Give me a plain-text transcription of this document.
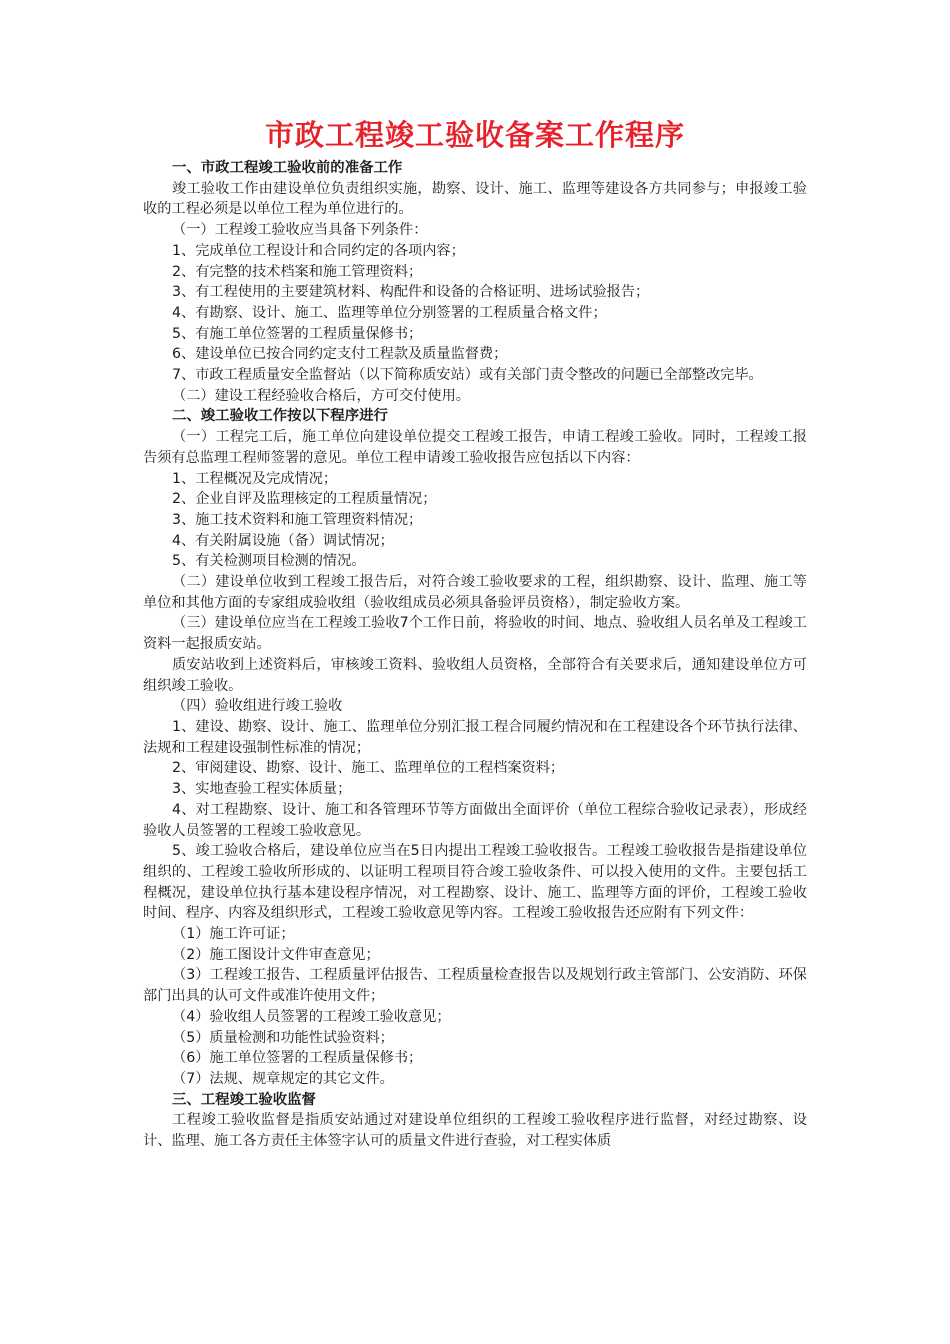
市政工程竣工验收备案工作程序

一、市政工程竣工验收前的准备工作

竣工验收工作由建设单位负责组织实施，勘察、设计、施工、监理等建设各方共同参与；申报竣工验收的工程必须是以单位工程为单位进行的。

（一）工程竣工验收应当具备下列条件：

1、完成单位工程设计和合同约定的各项内容；

2、有完整的技术档案和施工管理资料；

3、有工程使用的主要建筑材料、构配件和设备的合格证明、进场试验报告；

4、有勘察、设计、施工、监理等单位分别签署的工程质量合格文件；

5、有施工单位签署的工程质量保修书；

6、建设单位已按合同约定支付工程款及质量监督费；

7、市政工程质量安全监督站（以下简称质安站）或有关部门责令整改的问题已全部整改完毕。

（二）建设工程经验收合格后，方可交付使用。

二、竣工验收工作按以下程序进行

（一）工程完工后，施工单位向建设单位提交工程竣工报告，申请工程竣工验收。同时，工程竣工报告须有总监理工程师签署的意见。单位工程申请竣工验收报告应包括以下内容：

1、工程概况及完成情况；

2、企业自评及监理核定的工程质量情况；

3、施工技术资料和施工管理资料情况；

4、有关附属设施（备）调试情况；

5、有关检测项目检测的情况。

（二）建设单位收到工程竣工报告后，对符合竣工验收要求的工程，组织勘察、设计、监理、施工等单位和其他方面的专家组成验收组（验收组成员必须具备验评员资格），制定验收方案。

（三）建设单位应当在工程竣工验收7个工作日前，将验收的时间、地点、验收组人员名单及工程竣工资料一起报质安站。

质安站收到上述资料后，审核竣工资料、验收组人员资格，全部符合有关要求后，通知建设单位方可组织竣工验收。

（四）验收组进行竣工验收

1、建设、勘察、设计、施工、监理单位分别汇报工程合同履约情况和在工程建设各个环节执行法律、法规和工程建设强制性标准的情况；

2、审阅建设、勘察、设计、施工、监理单位的工程档案资料；

3、实地查验工程实体质量；

4、对工程勘察、设计、施工和各管理环节等方面做出全面评价（单位工程综合验收记录表），形成经验收人员签署的工程竣工验收意见。

5、竣工验收合格后，建设单位应当在5日内提出工程竣工验收报告。工程竣工验收报告是指建设单位组织的、工程竣工验收所形成的、以证明工程项目符合竣工验收条件、可以投入使用的文件。主要包括工程概况，建设单位执行基本建设程序情况，对工程勘察、设计、施工、监理等方面的评价，工程竣工验收时间、程序、内容及组织形式，工程竣工验收意见等内容。工程竣工验收报告还应附有下列文件：

（1）施工许可证；

（2）施工图设计文件审查意见；

（3）工程竣工报告、工程质量评估报告、工程质量检查报告以及规划行政主管部门、公安消防、环保部门出具的认可文件或准许使用文件；

（4）验收组人员签署的工程竣工验收意见；

（5）质量检测和功能性试验资料；

（6）施工单位签署的工程质量保修书；

（7）法规、规章规定的其它文件。

三、工程竣工验收监督

工程竣工验收监督是指质安站通过对建设单位组织的工程竣工验收程序进行监督，对经过勘察、设计、监理、施工各方责任主体签字认可的质量文件进行查验，对工程实体质
